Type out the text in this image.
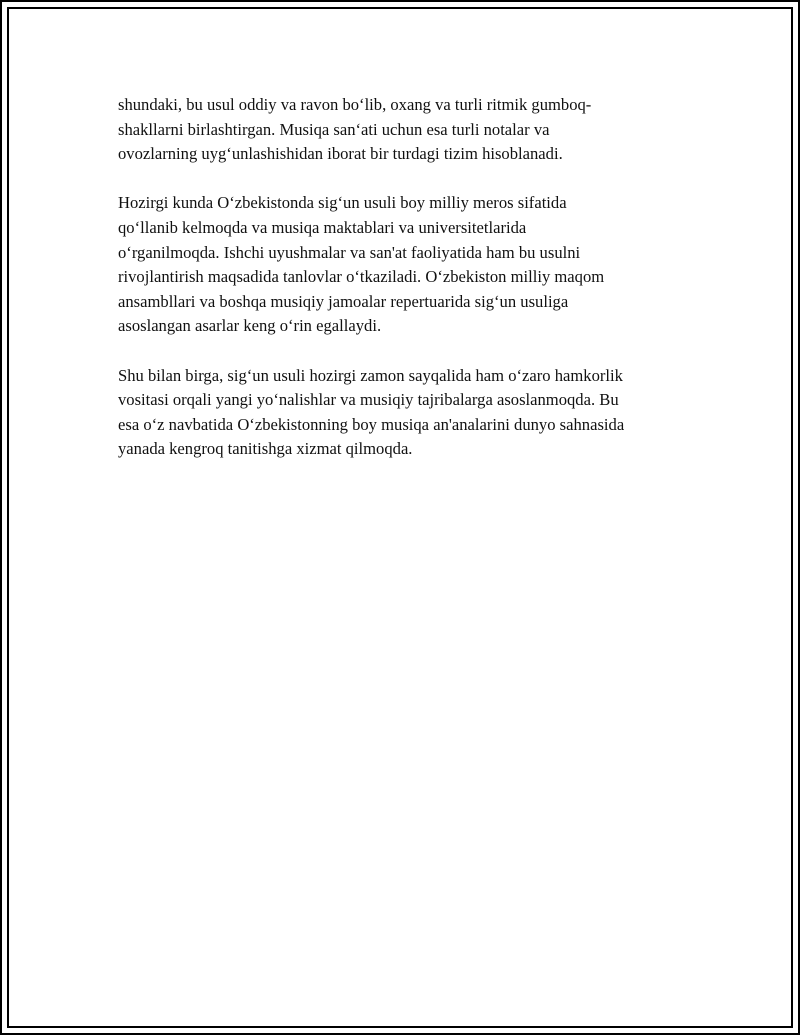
shundaki, bu usul oddiy va ravon bo‘lib, oxang va turli ritmik gumboq-
shakllarni birlashtirgan. Musiqa san‘ati uchun esa turli notalar va
ovozlarning uyg‘unlashishidan iborat bir turdagi tizim hisoblanadi.

Hozirgi kunda O‘zbekistonda sig‘un usuli boy milliy meros sifatida
qo‘llanib kelmoqda va musiqa maktablari va universitetlarida
o‘rganilmoqda. Ishchi uyushmalar va san'at faoliyatida ham bu usulni
rivojlantirish maqsadida tanlovlar o‘tkaziladi. O‘zbekiston milliy maqom
ansambllari va boshqa musiqiy jamoalar repertuarida sig‘un usuliga
asoslangan asarlar keng o‘rin egallaydi.

Shu bilan birga, sig‘un usuli hozirgi zamon sayqalida ham o‘zaro hamkorlik
vositasi orqali yangi yo‘nalishlar va musiqiy tajribalarga asoslanmoqda. Bu
esa o‘z navbatida O‘zbekistonning boy musiqa an'analarini dunyo sahnasida
yanada kengroq tanitishga xizmat qilmoqda.
